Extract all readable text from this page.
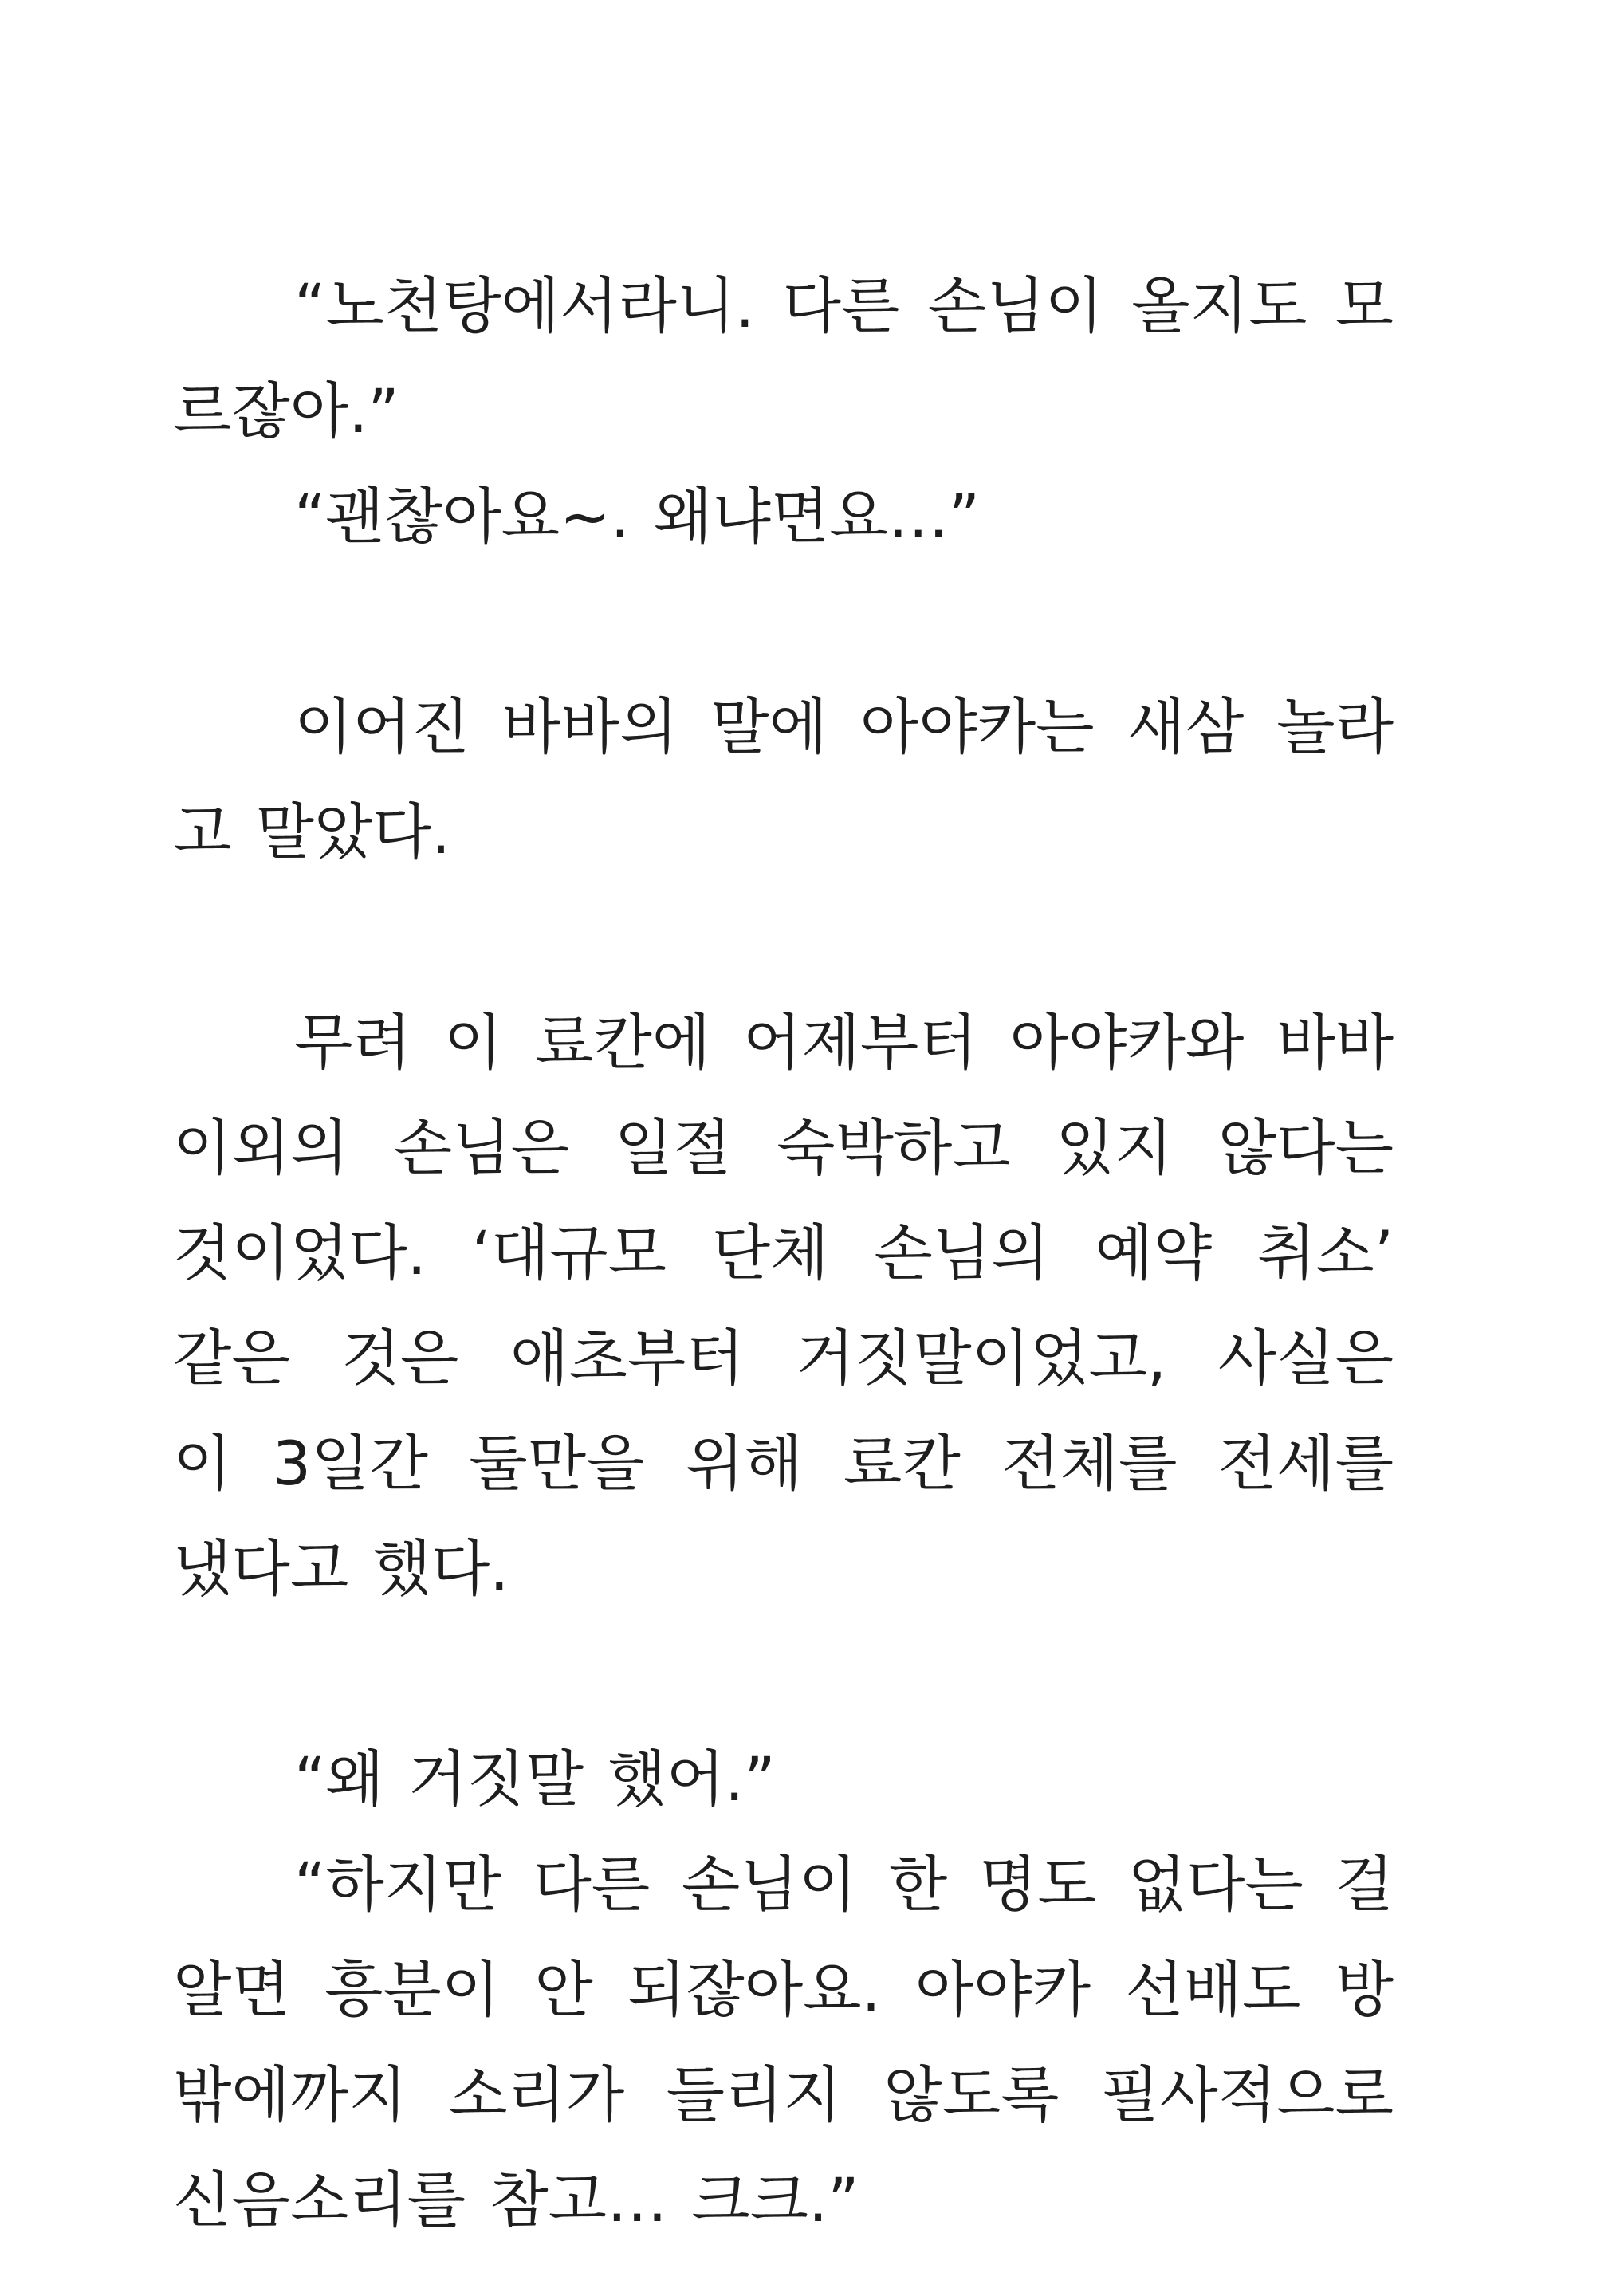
“노천탕에서라니. 다른 손님이 올지도 모
르잖아.”
“괜찮아요~. 왜냐면요…”
이어진 바바의 말에 아야카는 새삼 놀라
고 말았다.
무려 이 료칸에 어제부터 아야카와 바바
이외의 손님은 일절 숙박하고 있지 않다는
것이었다. ‘대규모 단체 손님의 예약 취소’
같은 것은 애초부터 거짓말이었고, 사실은
이 3일간 둘만을 위해 료칸 전체를 전세를
냈다고 했다.
“왜 거짓말 했어.”
“하지만 다른 손님이 한 명도 없다는 걸
알면 흥분이 안 되잖아요. 아야카 선배도 방
밖에까지 소리가 들리지 않도록 필사적으로
신음소리를 참고… 크크.”
